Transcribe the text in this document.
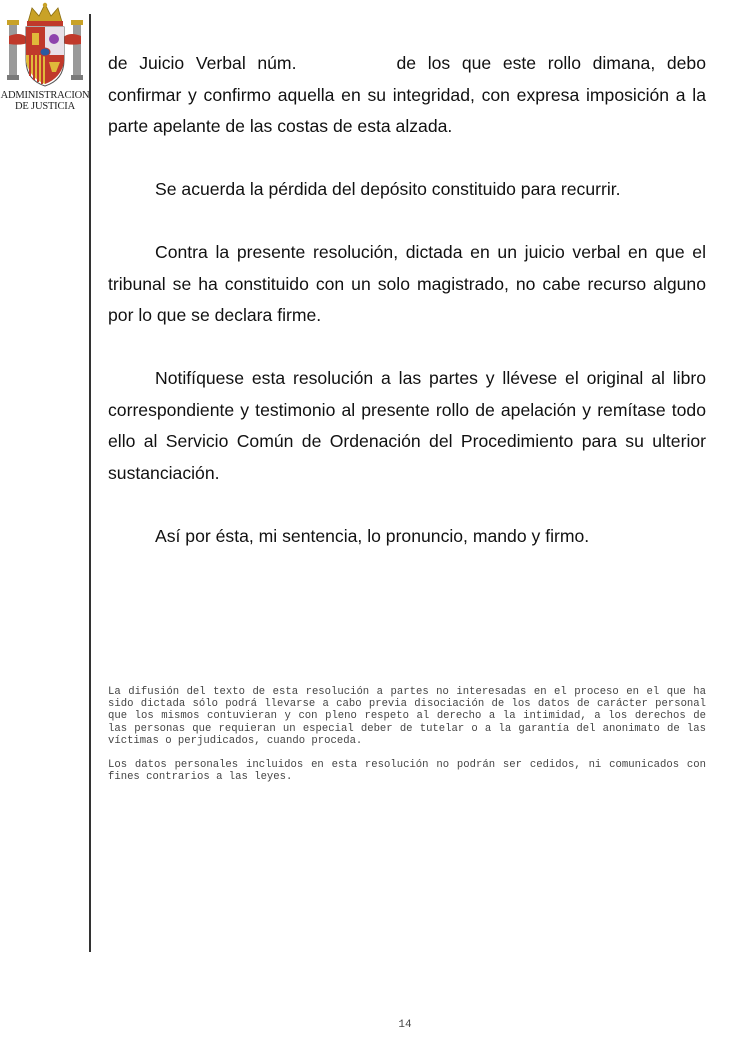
ADMINISTRACION
DE JUSTICIA

de Juicio Verbal núm.	de los que este rollo dimana, debo confirmar y confirmo aquella en su integridad, con expresa imposición a la parte apelante de las costas de esta alzada.

Se acuerda la pérdida del depósito constituido para recurrir.

Contra la presente resolución, dictada en un juicio verbal en que el tribunal se ha constituido con un solo magistrado, no cabe recurso alguno por lo que se declara firme.

Notifíquese esta resolución a las partes y llévese el original al libro correspondiente y testimonio al presente rollo de apelación y remítase todo ello al Servicio Común de Ordenación del Procedimiento para su ulterior sustanciación.

Así por ésta, mi sentencia, lo pronuncio, mando y firmo.

La difusión del texto de esta resolución a partes no interesadas en el proceso en el que ha sido dictada sólo podrá llevarse a cabo previa disociación de los datos de carácter personal que los mismos contuvieran y con pleno respeto al derecho a la intimidad, a los derechos de las personas que requieran un especial deber de tutelar o a la garantía del anonimato de las víctimas o perjudicados, cuando proceda.

Los datos personales incluidos en esta resolución no podrán ser cedidos, ni comunicados con fines contrarios a las leyes.

14
